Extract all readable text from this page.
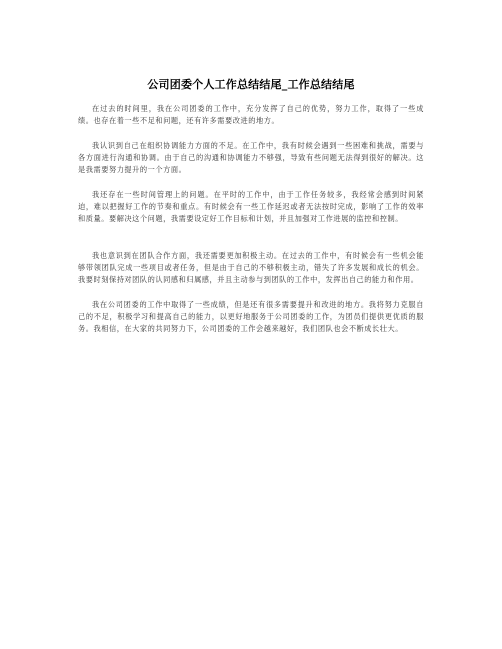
公司团委个人工作总结结尾_工作总结结尾

在过去的时间里，我在公司团委的工作中，充分发挥了自己的优势，努力工作，取得了一些成绩。也存在着一些不足和问题，还有许多需要改进的地方。

我认识到自己在组织协调能力方面的不足。在工作中，我有时候会遇到一些困难和挑战，需要与各方面进行沟通和协调。由于自己的沟通和协调能力不够强，导致有些问题无法得到很好的解决。这是我需要努力提升的一个方面。

我还存在一些时间管理上的问题。在平时的工作中，由于工作任务较多，我经常会感到时间紧迫，难以把握好工作的节奏和重点。有时候会有一些工作延迟或者无法按时完成，影响了工作的效率和质量。要解决这个问题，我需要设定好工作目标和计划，并且加强对工作进展的监控和控制。

我也意识到在团队合作方面，我还需要更加积极主动。在过去的工作中，有时候会有一些机会能够带领团队完成一些项目或者任务，但是由于自己的不够积极主动，错失了许多发展和成长的机会。我要时刻保持对团队的认同感和归属感，并且主动参与到团队的工作中，发挥出自己的能力和作用。

我在公司团委的工作中取得了一些成绩，但是还有很多需要提升和改进的地方。我将努力克服自己的不足，积极学习和提高自己的能力，以更好地服务于公司团委的工作，为团员们提供更优质的服务。我相信，在大家的共同努力下，公司团委的工作会越来越好，我们团队也会不断成长壮大。
